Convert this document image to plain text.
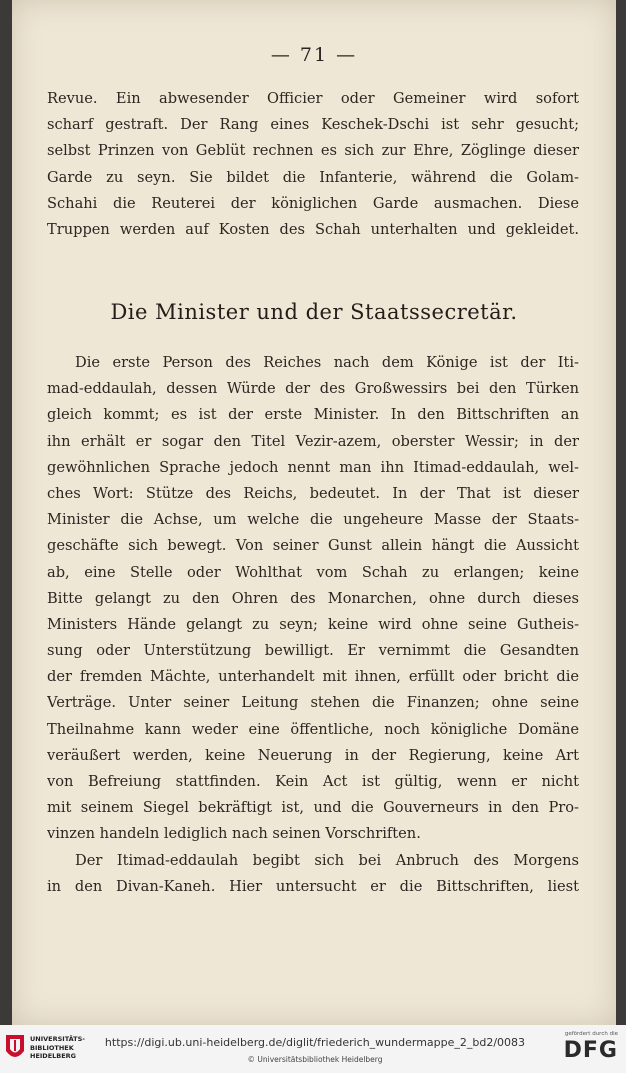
— 71 —
Revue. Ein abwesender Officier oder Gemeiner wird sofort
scharf gestraft. Der Rang eines Keschek-Dschi ist sehr gesucht;
selbst Prinzen von Geblüt rechnen es sich zur Ehre, Zöglinge dieser
Garde zu seyn. Sie bildet die Infanterie, während die Golam-
Schahi die Reuterei der königlichen Garde ausmachen. Diese
Truppen werden auf Kosten des Schah unterhalten und gekleidet.
Die Minister und der Staatssecretär.
Die erste Person des Reiches nach dem Könige ist der Iti-
mad-eddaulah, dessen Würde der des Großwessirs bei den Türken
gleich kommt; es ist der erste Minister. In den Bittschriften an
ihn erhält er sogar den Titel Vezir-azem, oberster Wessir; in der
gewöhnlichen Sprache jedoch nennt man ihn Itimad-eddaulah, wel-
ches Wort: Stütze des Reichs, bedeutet. In der That ist dieser
Minister die Achse, um welche die ungeheure Masse der Staats-
geschäfte sich bewegt. Von seiner Gunst allein hängt die Aussicht
ab, eine Stelle oder Wohlthat vom Schah zu erlangen; keine
Bitte gelangt zu den Ohren des Monarchen, ohne durch dieses
Ministers Hände gelangt zu seyn; keine wird ohne seine Gutheis-
sung oder Unterstützung bewilligt. Er vernimmt die Gesandten
der fremden Mächte, unterhandelt mit ihnen, erfüllt oder bricht die
Verträge. Unter seiner Leitung stehen die Finanzen; ohne seine
Theilnahme kann weder eine öffentliche, noch königliche Domäne
veräußert werden, keine Neuerung in der Regierung, keine Art
von Befreiung stattfinden. Kein Act ist gültig, wenn er nicht
mit seinem Siegel bekräftigt ist, und die Gouverneurs in den Pro-
vinzen handeln lediglich nach seinen Vorschriften.
Der Itimad-eddaulah begibt sich bei Anbruch des Morgens
in den Divan-Kaneh. Hier untersucht er die Bittschriften, liest
UNIVERSITÄTS-
BIBLIOTHEK
HEIDELBERG
https://digi.ub.uni-heidelberg.de/diglit/friederich_wundermappe_2_bd2/0083
© Universitätsbibliothek Heidelberg
gefördert durch die
DFG
